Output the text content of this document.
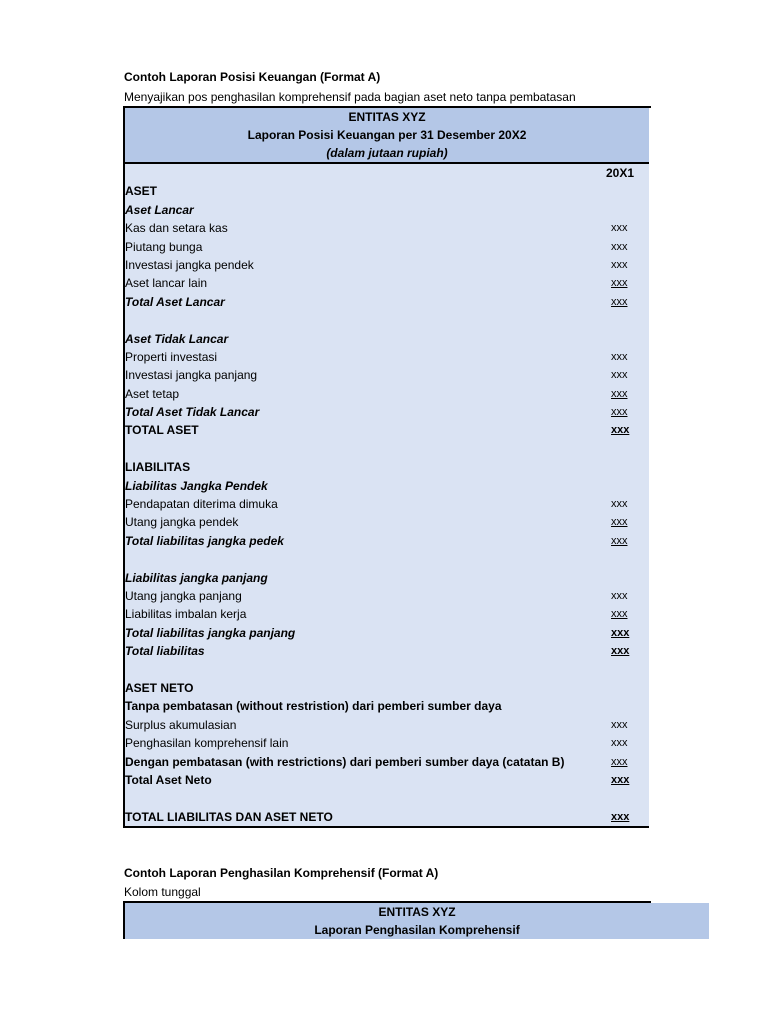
Contoh Laporan Posisi Keuangan (Format A)
Menyajikan pos penghasilan komprehensif pada bagian aset neto tanpa pembatasan
ENTITAS XYZ
Laporan Posisi Keuangan per 31 Desember 20X2
(dalam jutaan rupiah)
20X1
ASET
Aset Lancar
Kas dan setara kas	xxx
Piutang bunga	xxx
Investasi jangka pendek	xxx
Aset lancar lain	xxx
Total Aset Lancar	xxx
Aset Tidak Lancar
Properti investasi	xxx
Investasi jangka panjang	xxx
Aset tetap	xxx
Total Aset Tidak Lancar	xxx
TOTAL ASET	xxx
LIABILITAS
Liabilitas Jangka Pendek
Pendapatan diterima dimuka	xxx
Utang jangka pendek	xxx
Total liabilitas jangka pedek	xxx
Liabilitas jangka panjang
Utang jangka panjang	xxx
Liabilitas imbalan kerja	xxx
Total liabilitas jangka panjang	xxx
Total liabilitas	xxx
ASET NETO
Tanpa pembatasan (without restristion) dari pemberi sumber daya
Surplus akumulasian	xxx
Penghasilan komprehensif lain	xxx
Dengan pembatasan (with restrictions) dari pemberi sumber daya (catatan B)	xxx
Total Aset Neto	xxx
TOTAL LIABILITAS DAN ASET NETO	xxx
Contoh Laporan Penghasilan Komprehensif (Format A)
Kolom tunggal
ENTITAS XYZ
Laporan Penghasilan Komprehensif
